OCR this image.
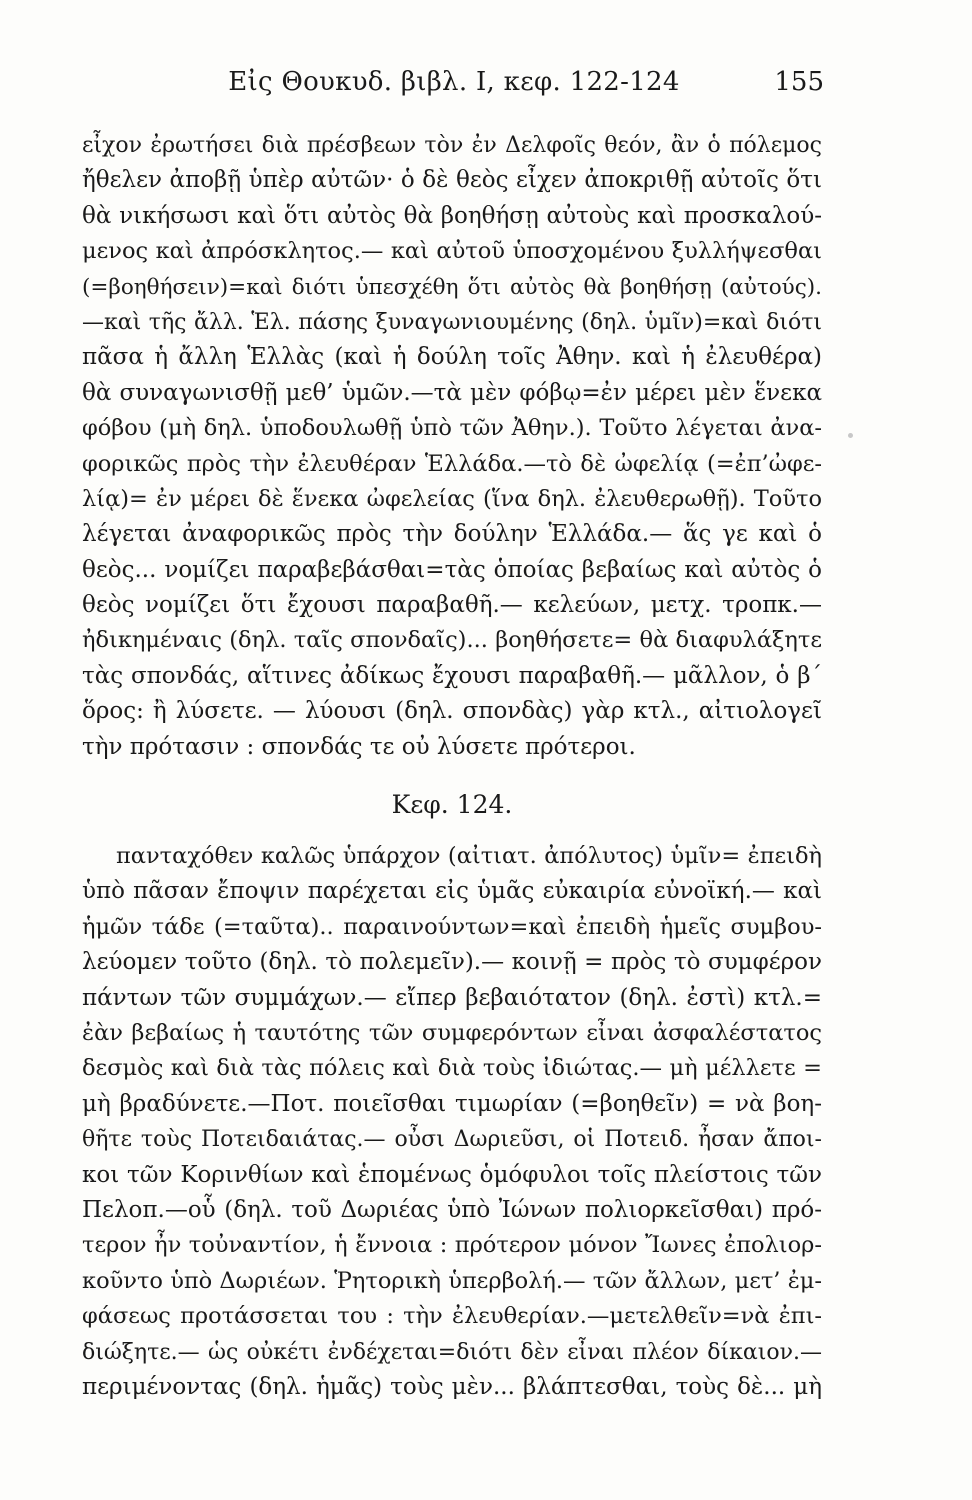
Εἰς Θουκυδ. βιβλ. I, κεφ. 122-124	155
εἶχον ἐρωτήσει διὰ πρέσβεων τὸν ἐν Δελφοῖς θεόν, ἂν ὁ πόλεμος
ἤθελεν ἀποβῇ ὑπὲρ αὐτῶν· ὁ δὲ θεὸς εἶχεν ἀποκριθῇ αὐτοῖς ὅτι
θὰ νικήσωσι καὶ ὅτι αὐτὸς θὰ βοηθήσῃ αὐτοὺς καὶ προσκαλού-
μενος καὶ ἀπρόσκλητος.— καὶ αὐτοῦ ὑποσχομένου ξυλλήψεσθαι
(=βοηθήσειν)=καὶ διότι ὑπεσχέθη ὅτι αὐτὸς θὰ βοηθήσῃ (αὐτούς).
—καὶ τῆς ἄλλ. Ἑλ. πάσης ξυναγωνιουμένης (δηλ. ὑμῖν)=καὶ διότι
πᾶσα ἡ ἄλλη Ἑλλὰς (καὶ ἡ δούλη τοῖς Ἀθην. καὶ ἡ ἐλευθέρα)
θὰ συναγωνισθῇ μεθ’ ὑμῶν.—τὰ μὲν φόβῳ=ἐν μέρει μὲν ἕνεκα
φόβου (μὴ δηλ. ὑποδουλωθῇ ὑπὸ τῶν Ἀθην.). Τοῦτο λέγεται ἀνα-
φορικῶς πρὸς τὴν ἐλευθέραν Ἑλλάδα.—τὸ δὲ ὠφελίᾳ (=ἐπ’ὠφε-
λίᾳ)= ἐν μέρει δὲ ἕνεκα ὠφελείας (ἵνα δηλ. ἐλευθερωθῇ). Τοῦτο
λέγεται ἀναφορικῶς πρὸς τὴν δούλην Ἑλλάδα.— ἅς γε καὶ ὁ
θεὸς... νομίζει παραβεβάσθαι=τὰς ὁποίας βεβαίως καὶ αὐτὸς ὁ
θεὸς νομίζει ὅτι ἔχουσι παραβαθῆ.— κελεύων, μετχ. τροπκ.—
ἠδικημέναις (δηλ. ταῖς σπονδαῖς)... βοηθήσετε= θὰ διαφυλάξητε
τὰς σπονδάς, αἵτινες ἀδίκως ἔχουσι παραβαθῆ.— μᾶλλον, ὁ β΄
ὅρος: ἢ λύσετε. — λύουσι (δηλ. σπονδὰς) γὰρ κτλ., αἰτιολογεῖ
τὴν πρότασιν : σπονδάς τε οὐ λύσετε πρότεροι.
Κεφ. 124.
πανταχόθεν καλῶς ὑπάρχον (αἰτιατ. ἀπόλυτος) ὑμῖν= ἐπειδὴ
ὑπὸ πᾶσαν ἔποψιν παρέχεται εἰς ὑμᾶς εὐκαιρία εὐνοϊκή.— καὶ
ἡμῶν τάδε (=ταῦτα).. παραινούντων=καὶ ἐπειδὴ ἡμεῖς συμβου-
λεύομεν τοῦτο (δηλ. τὸ πολεμεῖν).— κοινῇ = πρὸς τὸ συμφέρον
πάντων τῶν συμμάχων.— εἴπερ βεβαιότατον (δηλ. ἐστὶ) κτλ.=
ἐὰν βεβαίως ἡ ταυτότης τῶν συμφερόντων εἶναι ἀσφαλέστατος
δεσμὸς καὶ διὰ τὰς πόλεις καὶ διὰ τοὺς ἰδιώτας.— μὴ μέλλετε =
μὴ βραδύνετε.—Ποτ. ποιεῖσθαι τιμωρίαν (=βοηθεῖν) = νὰ βοη-
θῆτε τοὺς Ποτειδαιάτας.— οὖσι Δωριεῦσι, οἱ Ποτειδ. ἦσαν ἄποι-
κοι τῶν Κορινθίων καὶ ἑπομένως ὁμόφυλοι τοῖς πλείστοις τῶν
Πελοπ.—οὗ (δηλ. τοῦ Δωριέας ὑπὸ Ἰώνων πολιορκεῖσθαι) πρό-
τερον ἦν τοὐναντίον, ἡ ἔννοια : πρότερον μόνον Ἴωνες ἐπολιορ-
κοῦντο ὑπὸ Δωριέων. Ῥητορικὴ ὑπερβολή.— τῶν ἄλλων, μετ’ ἐμ-
φάσεως προτάσσεται του : τὴν ἐλευθερίαν.—μετελθεῖν=νὰ ἐπι-
διώξητε.— ὡς οὐκέτι ἐνδέχεται=διότι δὲν εἶναι πλέον δίκαιον.—
περιμένοντας (δηλ. ἡμᾶς) τοὺς μὲν... βλάπτεσθαι, τοὺς δὲ... μὴ
